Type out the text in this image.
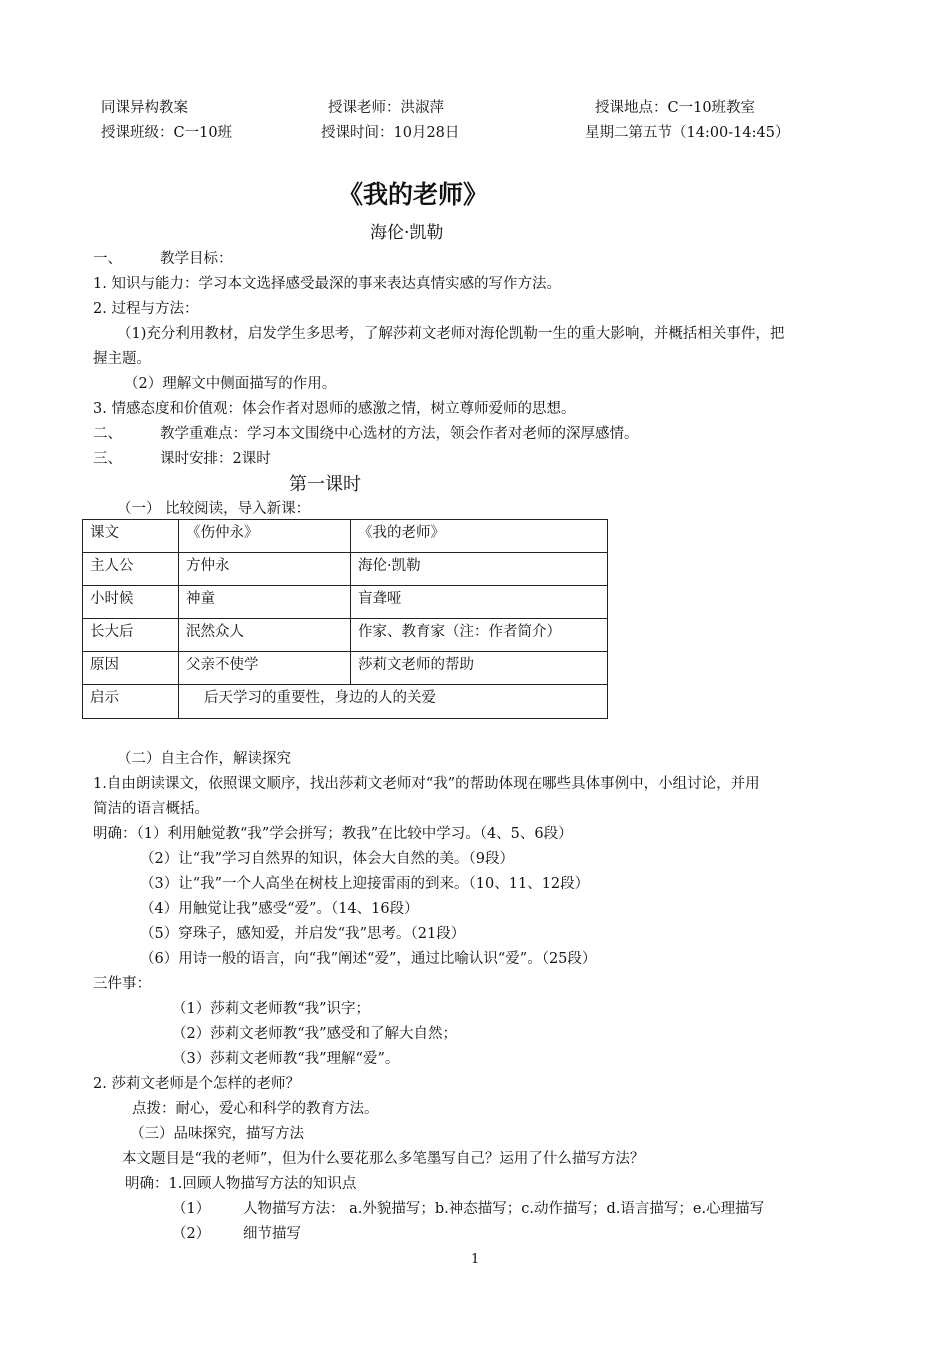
同课异构教案	授课老师：洪淑萍	授课地点：C一10班教室
授课班级：C一10班	授课时间：10月28日	星期二第五节（14:00-14:45）
《我的老师》
海伦·凯勒
一、	教学目标：
1. 知识与能力：学习本文选择感受最深的事来表达真情实感的写作方法。
2. 过程与方法：
（1)充分利用教材，启发学生多思考，了解莎莉文老师对海伦凯勒一生的重大影响，并概括相关事件，把
握主题。
（2）理解文中侧面描写的作用。
3. 情感态度和价值观：体会作者对恩师的感激之情，树立尊师爱师的思想。
二、	教学重难点：学习本文围绕中心选材的方法，领会作者对老师的深厚感情。
三、	课时安排：2课时
第一课时
（一） 比较阅读，导入新课：
课文	《伤仲永》	《我的老师》
主人公	方仲永	海伦·凯勒
小时候	神童	盲聋哑
长大后	泯然众人	作家、教育家（注：作者简介）
原因	父亲不使学	莎莉文老师的帮助
启示	后天学习的重要性，身边的人的关爱	
（二）自主合作，解读探究
1.自由朗读课文，依照课文顺序，找出莎莉文老师对“我”的帮助体现在哪些具体事例中，小组讨论，并用
简洁的语言概括。
明确：（1）利用触觉教“我”学会拼写；教我”在比较中学习。（4、5、6段）
（2）让“我”学习自然界的知识，体会大自然的美。（9段）
（3）让“我”一个人高坐在树枝上迎接雷雨的到来。（10、11、12段）
（4）用触觉让我”感受“爱”。（14、16段）
（5）穿珠子，感知爱，并启发“我”思考。（21段）
（6）用诗一般的语言，向“我”阐述“爱”，通过比喻认识“爱”。（25段）
三件事：
（1）莎莉文老师教“我”识字；
（2）莎莉文老师教“我”感受和了解大自然；
（3）莎莉文老师教“我”理解“爱”。
2. 莎莉文老师是个怎样的老师？
点拨：耐心，爱心和科学的教育方法。
（三）品味探究，描写方法
本文题目是“我的老师”，但为什么要花那么多笔墨写自己？运用了什么描写方法？
明确：1.回顾人物描写方法的知识点
（1） 人物描写方法： a.外貌描写；b.神态描写；c.动作描写；d.语言描写；e.心理描写
（2） 细节描写
1
